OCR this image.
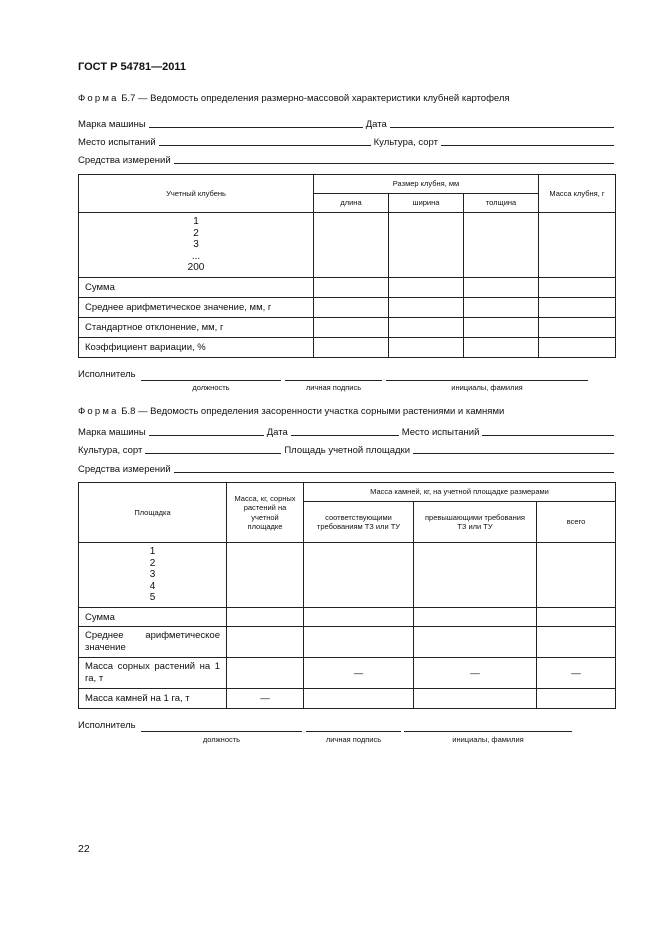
ГОСТ Р 54781—2011
Форма Б.7 — Ведомость определения размерно-массовой характеристики клубней картофеля
Марка машины	Дата
Место испытаний	Культура, сорт
Средства измерений
Учетный клубень	Размер клубня, мм			Масса клубня, г
	длина	ширина	толщина	

1
2
3
...
200				

Сумма				
Среднее арифметическое значение, мм, г				
Стандартное отклонение, мм, г				
Коэффициент вариации, %				
Исполнитель
должность	личная подпись	инициалы, фамилия
Форма Б.8 — Ведомость определения засоренности участка сорными растениями и камнями
Марка машины	Дата	Место испытаний
Культура, сорт	Площадь учетной площадки
Средства измерений
Площадка	Масса, кг, сорных растений на учетной площадке	Масса камней, кг, на учетной площадке размерами		
		соответствующими требованиям ТЗ или ТУ	превышающими требования ТЗ или ТУ	всего

1
2
3
4
5				

Сумма				
Среднее арифметическое значение				
Масса сорных растений на 1 га, т		—	—	—
Масса камней на 1 га, т	—			
Исполнитель
должность	личная подпись	инициалы, фамилия
22
